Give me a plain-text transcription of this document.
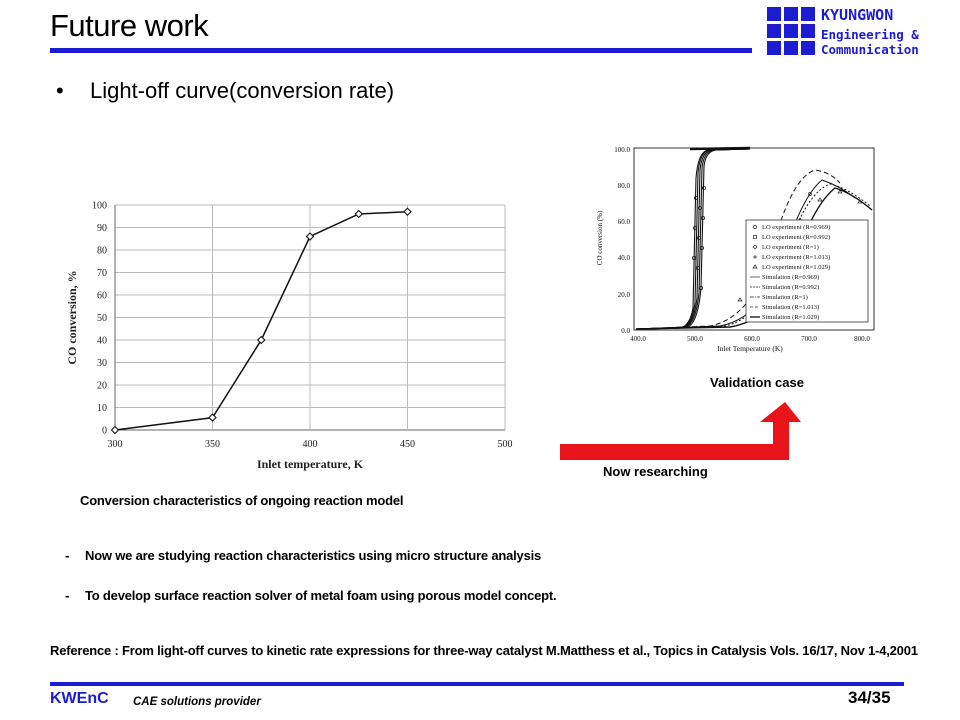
Future work	KYUNGWON
Engineering &
Communication
• Light-off curve(conversion rate)
0
10
20
30
40
50
60
70
80
90
100
300	350	400	450	500
Inlet temperature, K
CO conversion, %
Conversion characteristics of ongoing reaction model
0.0
20.0
40.0
60.0
80.0
100.0
400.0	500.0	600.0	700.0	800.0
Inlet Temperature (K)
CO conversion (%)	LO experiment (R=0.969)
LO experiment (R=0.992)
LO experiment (R=1)
LO experiment (R=1.013)
LO experiment (R=1.029)
Simulation (R=0.969)
Simulation (R=0.992)
Simulation (R=1)
Simulation (R=1.013)
Simulation (R=1.029)
Validation case
Now researching
- Now we are studying reaction characteristics using micro structure analysis
- To develop surface reaction solver of metal foam using porous model concept.
Reference : From light-off curves to kinetic rate expressions for three-way catalyst M.Matthess et al., Topics in Catalysis Vols. 16/17, Nov 1-4,2001
KWEnC CAE solutions provider	34/35
